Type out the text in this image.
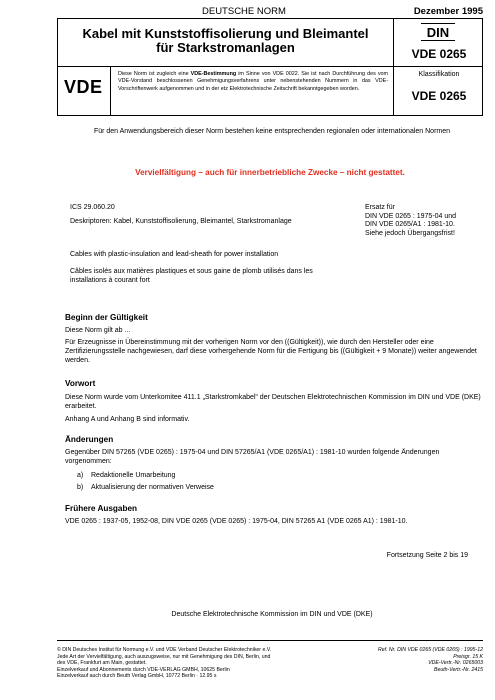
DEUTSCHE NORM	Dezember 1995
Kabel mit Kunststoffisolierung und Bleimantel
für Starkstromanlagen
DIN
VDE 0265
VDE
Diese Norm ist zugleich eine VDE-Bestimmung im Sinne von VDE 0022. Sie ist nach Durchführung des vom VDE-Vorstand beschlossenen Genehmigungsverfahrens unter nebenstehenden Nummern in das VDE-Vorschriftenwerk aufgenommen und in der etz Elektrotechnische Zeitschrift bekanntgegeben worden.
Klassifikation
VDE 0265
Für den Anwendungsbereich dieser Norm bestehen keine entsprechenden regionalen oder internationalen Normen
Vervielfältigung – auch für innerbetriebliche Zwecke – nicht gestattet.
ICS 29.060.20
Deskriptoren: Kabel, Kunststoffisolierung, Bleimantel, Starkstromanlage
Ersatz für
DIN VDE 0265 : 1975-04 und
DIN VDE 0265/A1 : 1981-10.
Siehe jedoch Übergangsfrist!
Cables with plastic-insulation and lead-sheath for power installation
Câbles isolés aux matières plastiques et sous gaine de plomb utilisés dans les
installations à courant fort
Beginn der Gültigkeit
Diese Norm gilt ab ...
Für Erzeugnisse in Übereinstimmung mit der vorherigen Norm vor den ((Gültigkeit)), wie durch den Hersteller oder eine Zertifizierungsstelle nachgewiesen, darf diese vorhergehende Norm für die Fertigung bis ((Gültigkeit + 9 Monate)) weiter angewendet werden.
Vorwort
Diese Norm wurde vom Unterkomitee 411.1 „Starkstromkabel“ der Deutschen Elektrotechnischen Kommission im DIN und VDE (DKE) erarbeitet.
Anhang A und Anhang B sind informativ.
Änderungen
Gegenüber DIN 57265 (VDE 0265) : 1975-04 und DIN 57265/A1 (VDE 0265/A1) : 1981-10 wurden folgende Änderungen vorgenommen:
a) Redaktionelle Umarbeitung
b) Aktualisierung der normativen Verweise
Frühere Ausgaben
VDE 0265 : 1937-05, 1952-08, DIN VDE 0265 (VDE 0265) : 1975-04, DIN 57265 A1 (VDE 0265 A1) : 1981-10.
Fortsetzung Seite 2 bis 19
Deutsche Elektrotechnische Kommission im DIN und VDE (DKE)
© DIN Deutsches Institut für Normung e.V. und VDE Verband Deutscher Elektrotechniker e.V.
Jede Art der Vervielfältigung, auch auszugsweise, nur mit Genehmigung des DIN, Berlin, und
des VDE, Frankfurt am Main, gestattet.
Einzelverkauf und Abonnements durch VDE-VERLAG GMBH, 10625 Berlin
Einzelverkauf auch durch Beuth Verlag GmbH, 10772 Berlin · 12.95 s
Ref. Nr. DIN VDE 0265 (VDE 0265) : 1995-12
Preisgr. 15 K
VDE-Vertr.-Nr. 0265003
Beuth-Vertr.-Nr. 2415
